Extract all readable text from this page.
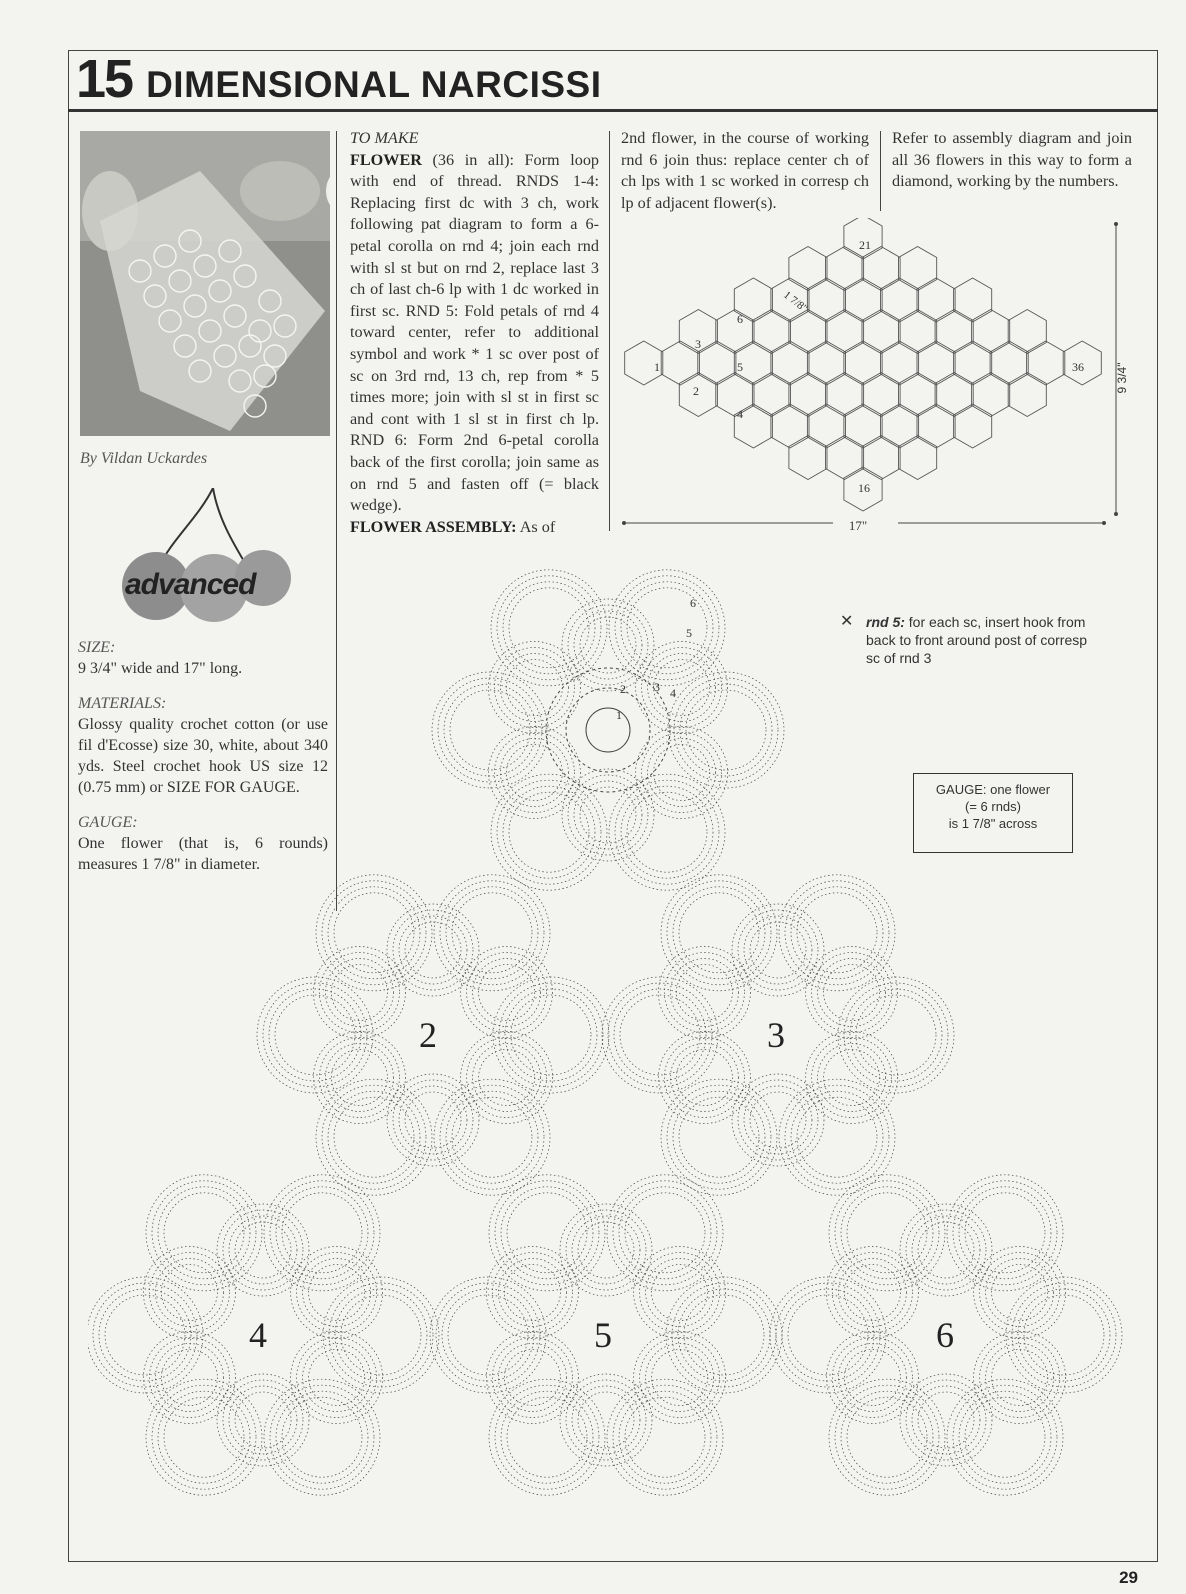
15 DIMENSIONAL NARCISSI
By Vildan Uckardes
advanced
SIZE:
9 3/4" wide and 17" long.
MATERIALS:
Glossy quality crochet cotton (or use fil d'Ecosse) size 30, white, about 340 yds. Steel crochet hook US size 12 (0.75 mm) or SIZE FOR GAUGE.
GAUGE:
One flower (that is, 6 rounds) measures 1 7/8" in diameter.
TO MAKE
FLOWER (36 in all): Form loop with end of thread. RNDS 1-4: Replacing first dc with 3 ch, work following pat diagram to form a 6-petal corolla on rnd 4; join each rnd with sl st but on rnd 2, replace last 3 ch of last ch-6 lp with 1 dc worked in first sc. RND 5: Fold petals of rnd 4 toward center, refer to additional symbol and work * 1 sc over post of sc on 3rd rnd, 13 ch, rep from * 5 times more; join with sl st in first sc and cont with 1 sl st in first ch lp. RND 6: Form 2nd 6-petal corolla back of the first corolla; join same as on rnd 5 and fasten off (= black wedge).
FLOWER ASSEMBLY: As of
2nd flower, in the course of working rnd 6 join thus: replace center ch of ch lps with 1 sc worked in corresp ch lp of adjacent flower(s).
Refer to assembly diagram and join all 36 flowers in this way to form a diamond, working by the numbers.
17"
9 3/4"
1 7/8"
1
2
3
4
5
6
16
21
36
2	3
4	5	6
1
2 3 4
5
6
✕ rnd 5: for each sc, insert hook from back to front around post of corresp sc of rnd 3
GAUGE: one flower
(= 6 rnds)
is 1 7/8" across
29
